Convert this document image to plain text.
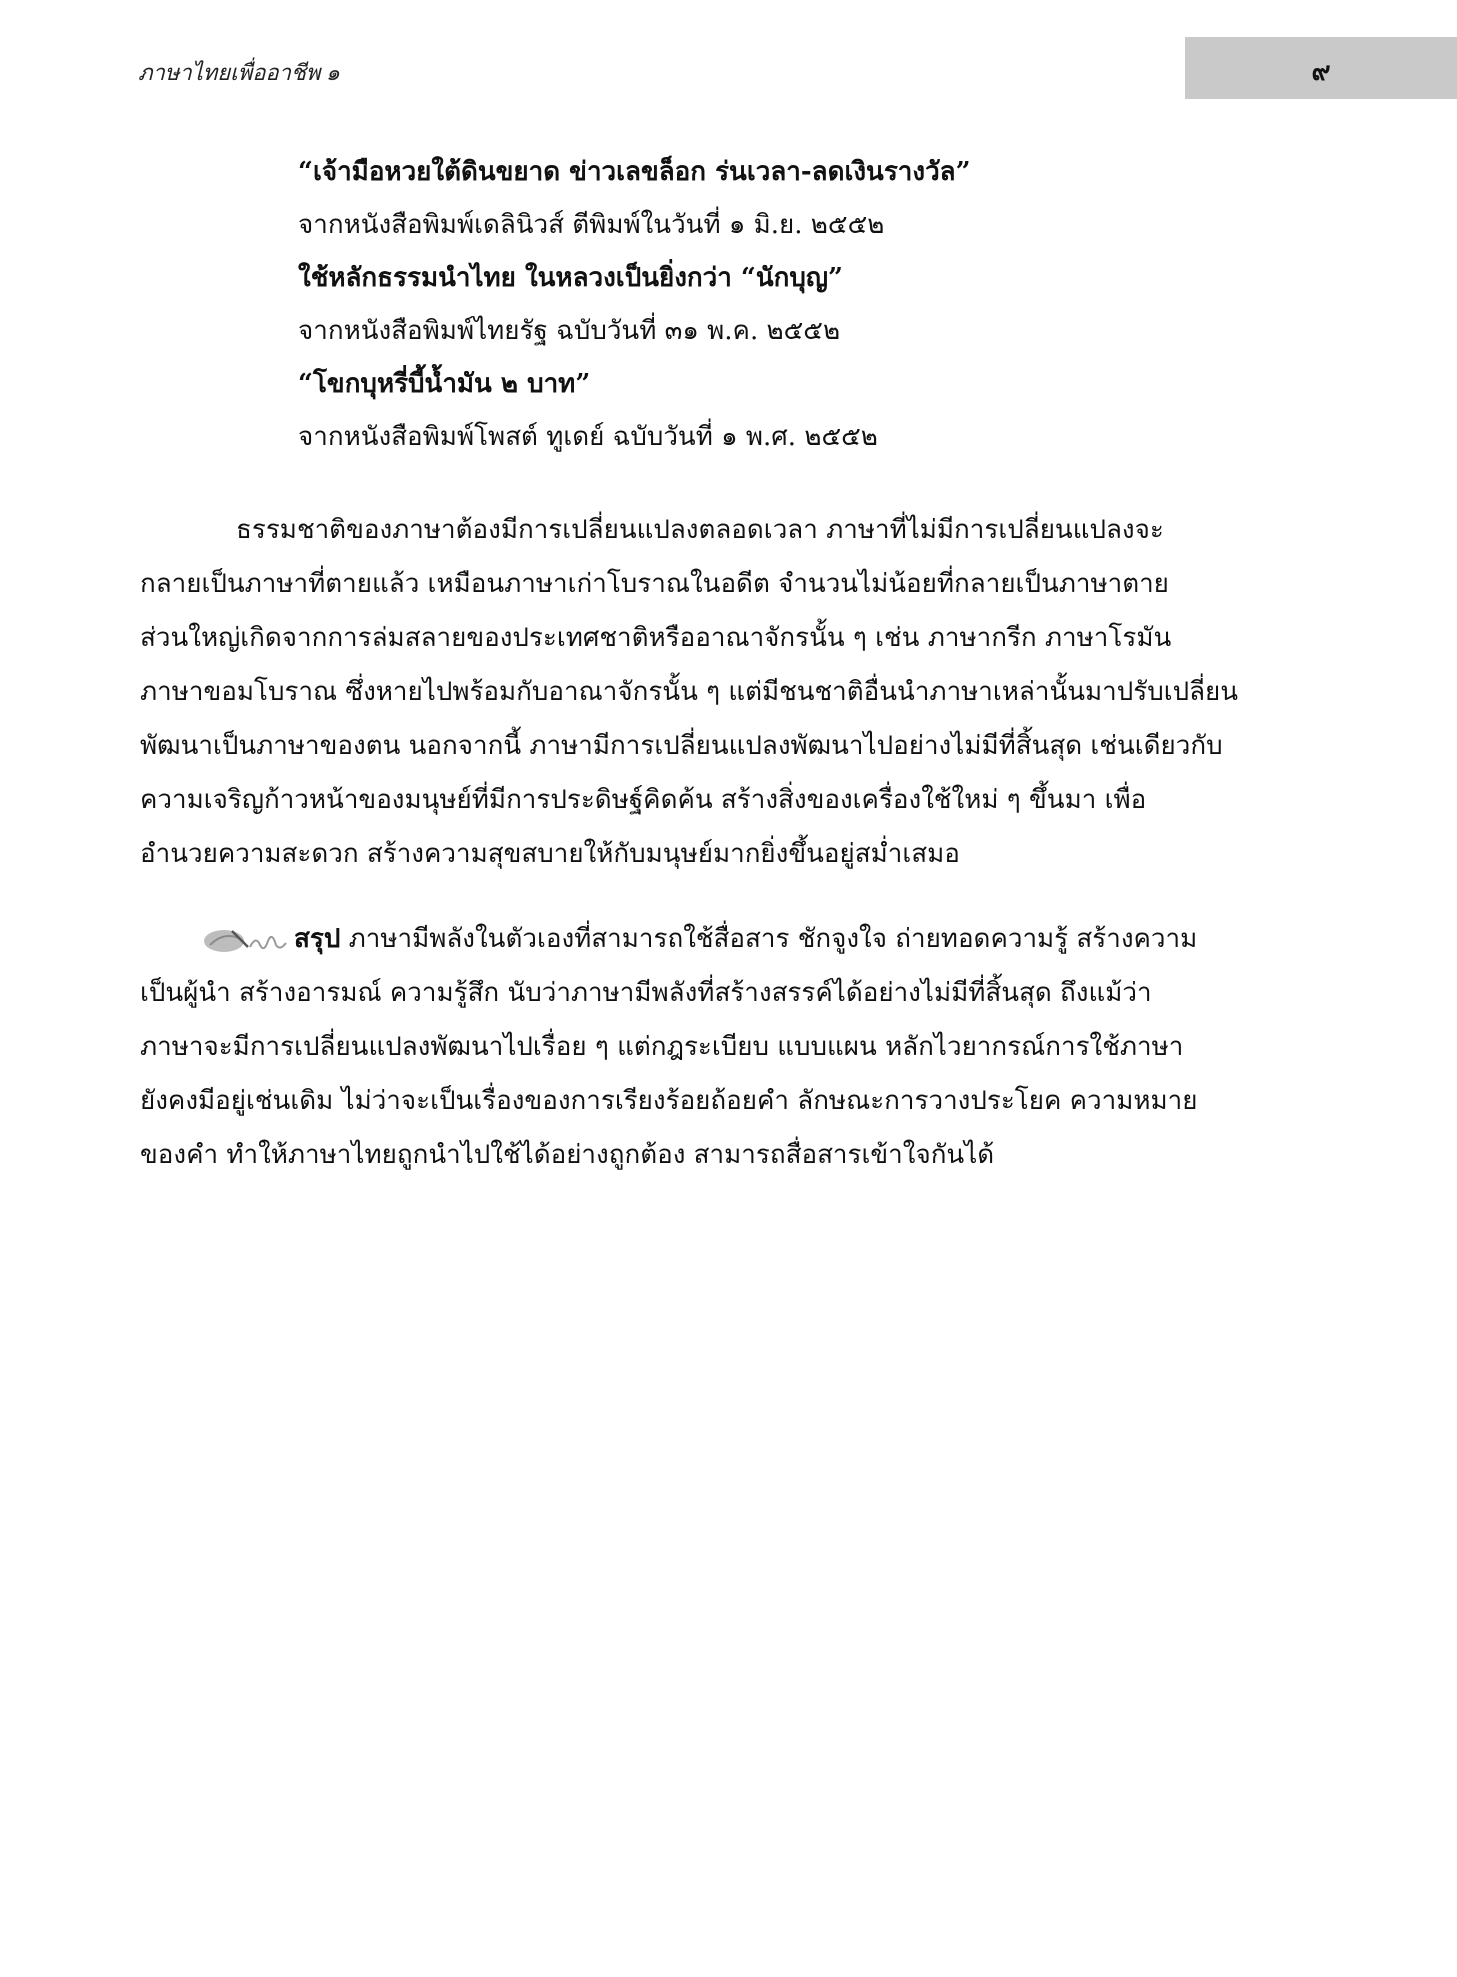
ภาษาไทยเพื่ออาชีพ ๑	๙
“เจ้ามือหวยใต้ดินขยาด ข่าวเลขล็อก ร่นเวลา-ลดเงินรางวัล”
จากหนังสือพิมพ์เดลินิวส์ ตีพิมพ์ในวันที่ ๑ มิ.ย. ๒๕๕๒
ใช้หลักธรรมนำไทย ในหลวงเป็นยิ่งกว่า “นักบุญ”
จากหนังสือพิมพ์ไทยรัฐ ฉบับวันที่ ๓๑ พ.ค. ๒๕๕๒
“โขกบุหรี่บี้น้ำมัน ๒ บาท”
จากหนังสือพิมพ์โพสต์ ทูเดย์ ฉบับวันที่ ๑ พ.ศ. ๒๕๕๒
ธรรมชาติของภาษาต้องมีการเปลี่ยนแปลงตลอดเวลา ภาษาที่ไม่มีการเปลี่ยนแปลงจะ
กลายเป็นภาษาที่ตายแล้ว เหมือนภาษาเก่าโบราณในอดีต จำนวนไม่น้อยที่กลายเป็นภาษาตาย
ส่วนใหญ่เกิดจากการล่มสลายของประเทศชาติหรืออาณาจักรนั้น ๆ เช่น ภาษากรีก ภาษาโรมัน
ภาษาขอมโบราณ ซึ่งหายไปพร้อมกับอาณาจักรนั้น ๆ แต่มีชนชาติอื่นนำภาษาเหล่านั้นมาปรับเปลี่ยน
พัฒนาเป็นภาษาของตน นอกจากนี้ ภาษามีการเปลี่ยนแปลงพัฒนาไปอย่างไม่มีที่สิ้นสุด เช่นเดียวกับ
ความเจริญก้าวหน้าของมนุษย์ที่มีการประดิษฐ์คิดค้น สร้างสิ่งของเครื่องใช้ใหม่ ๆ ขึ้นมา เพื่อ
อำนวยความสะดวก สร้างความสุขสบายให้กับมนุษย์มากยิ่งขึ้นอยู่สม่ำเสมอ
สรุป ภาษามีพลังในตัวเองที่สามารถใช้สื่อสาร ชักจูงใจ ถ่ายทอดความรู้ สร้างความ
เป็นผู้นำ สร้างอารมณ์ ความรู้สึก นับว่าภาษามีพลังที่สร้างสรรค์ได้อย่างไม่มีที่สิ้นสุด ถึงแม้ว่า
ภาษาจะมีการเปลี่ยนแปลงพัฒนาไปเรื่อย ๆ แต่กฎระเบียบ แบบแผน หลักไวยากรณ์การใช้ภาษา
ยังคงมีอยู่เช่นเดิม ไม่ว่าจะเป็นเรื่องของการเรียงร้อยถ้อยคำ ลักษณะการวางประโยค ความหมาย
ของคำ ทำให้ภาษาไทยถูกนำไปใช้ได้อย่างถูกต้อง สามารถสื่อสารเข้าใจกันได้
